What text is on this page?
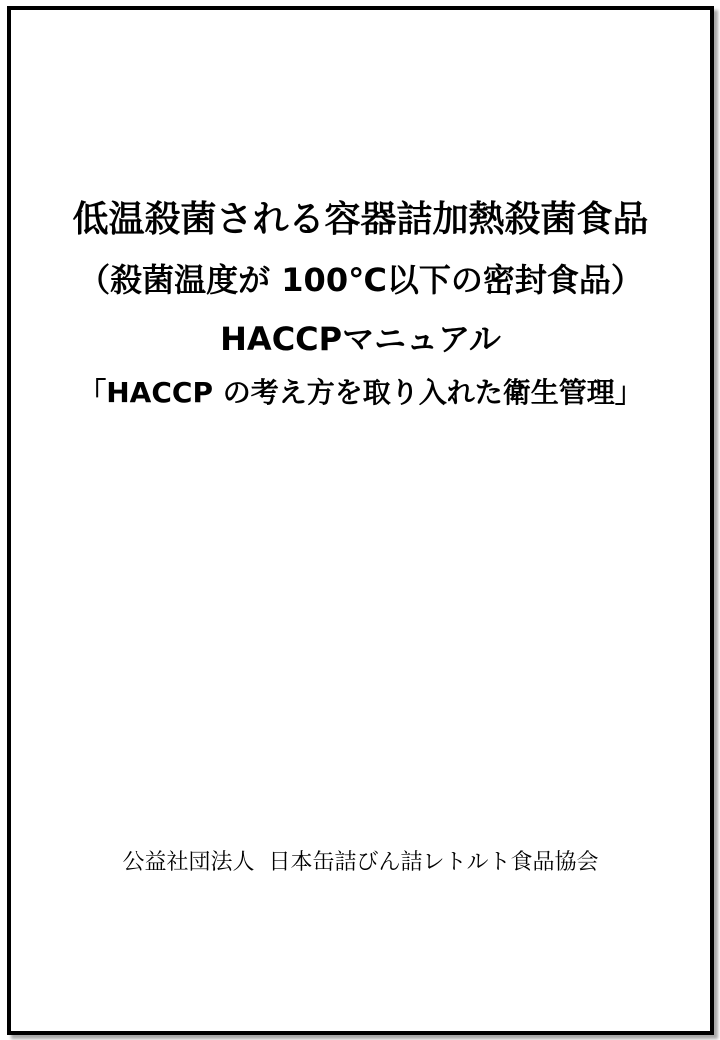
低温殺菌される容器詰加熱殺菌食品
（殺菌温度が 100℃以下の密封食品）
HACCPマニュアル
「HACCP の考え方を取り入れた衛生管理」
公益社団法人  日本缶詰びん詰レトルト食品協会
